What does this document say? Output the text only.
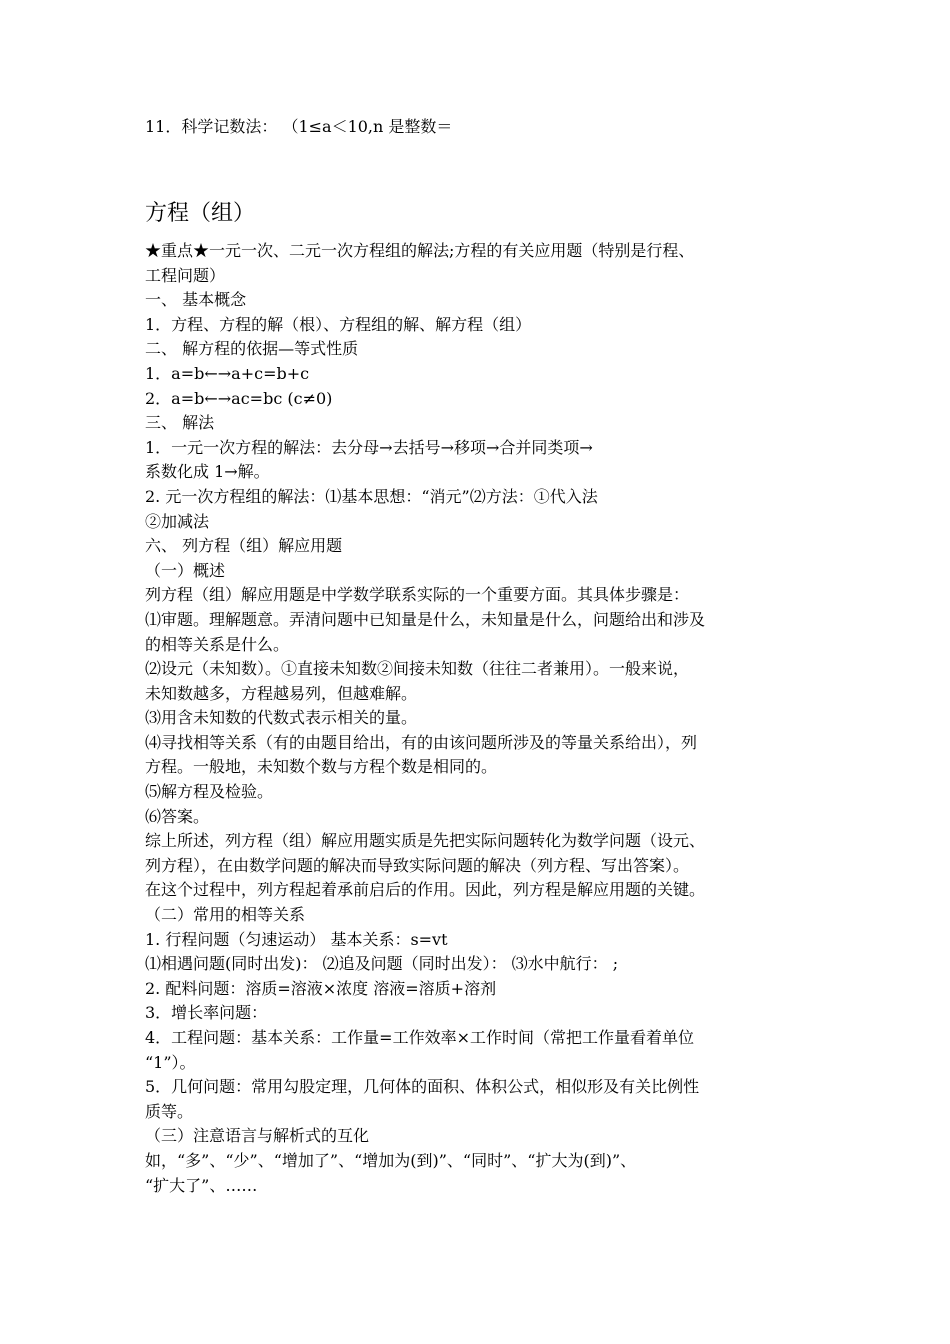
11．科学记数法： （1≤a＜10,n 是整数＝
方程（组）
★重点★一元一次、二元一次方程组的解法;方程的有关应用题（特别是行程、
工程问题）
一、 基本概念
1．方程、方程的解（根）、方程组的解、解方程（组）
二、 解方程的依据—等式性质
1．a=b←→a+c=b+c
2．a=b←→ac=bc (c≠0)
三、 解法
1．一元一次方程的解法：去分母→去括号→移项→合并同类项→
系数化成 1→解。
2. 元一次方程组的解法：⑴基本思想：“消元”⑵方法：①代入法
②加减法
六、 列方程（组）解应用题
（一）概述
列方程（组）解应用题是中学数学联系实际的一个重要方面。其具体步骤是：
⑴审题。理解题意。弄清问题中已知量是什么，未知量是什么，问题给出和涉及
的相等关系是什么。
⑵设元（未知数）。①直接未知数②间接未知数（往往二者兼用）。一般来说，
未知数越多，方程越易列，但越难解。
⑶用含未知数的代数式表示相关的量。
⑷寻找相等关系（有的由题目给出，有的由该问题所涉及的等量关系给出），列
方程。一般地，未知数个数与方程个数是相同的。
⑸解方程及检验。
⑹答案。
综上所述，列方程（组）解应用题实质是先把实际问题转化为数学问题（设元、
列方程），在由数学问题的解决而导致实际问题的解决（列方程、写出答案）。
在这个过程中，列方程起着承前启后的作用。因此，列方程是解应用题的关键。
（二）常用的相等关系
1. 行程问题（匀速运动） 基本关系：s=vt
⑴相遇问题(同时出发)： ⑵追及问题（同时出发）： ⑶水中航行： ;
2. 配料问题：溶质=溶液×浓度 溶液=溶质+溶剂
3．增长率问题：
4．工程问题：基本关系：工作量=工作效率×工作时间（常把工作量看着单位
“1”）。
5．几何问题：常用勾股定理，几何体的面积、体积公式，相似形及有关比例性
质等。
（三）注意语言与解析式的互化
如，“多”、“少”、“增加了”、“增加为(到)”、“同时”、“扩大为(到)”、
“扩大了”、……
